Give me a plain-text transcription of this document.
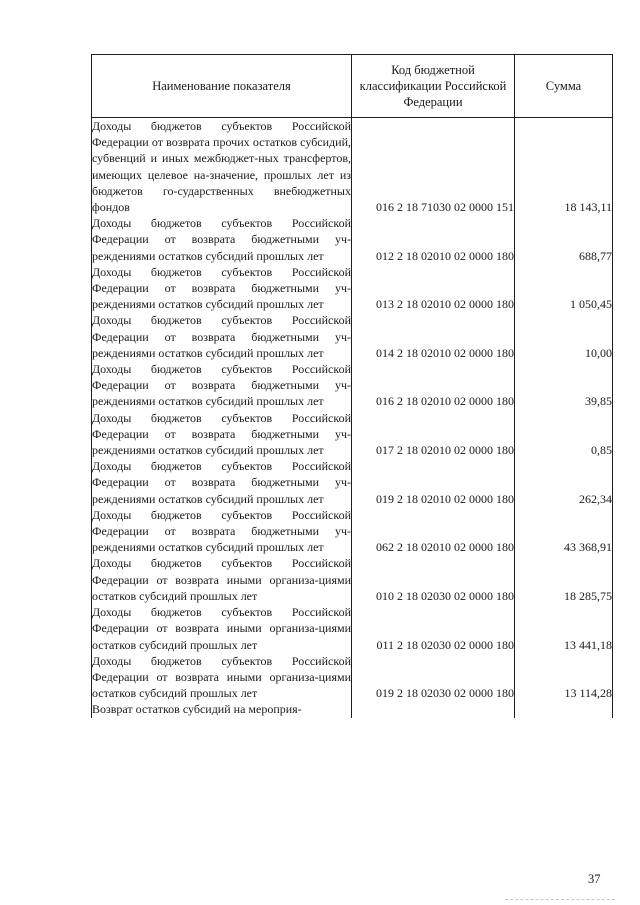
Наименование показателя	Код бюджетной классификации Российской Федерации	Сумма
Доходы бюджетов субъектов Российской Федерации от возврата прочих остатков субсидий, субвенций и иных межбюджет-ных трансфертов, имеющих целевое на-значение, прошлых лет из бюджетов го-сударственных внебюджетных фондов	016 2 18 71030 02 0000 151	18 143,11
Доходы бюджетов субъектов Российской Федерации от возврата бюджетными уч-реждениями остатков субсидий прошлых лет	012 2 18 02010 02 0000 180	688,77
Доходы бюджетов субъектов Российской Федерации от возврата бюджетными уч-реждениями остатков субсидий прошлых лет	013 2 18 02010 02 0000 180	1 050,45
Доходы бюджетов субъектов Российской Федерации от возврата бюджетными уч-реждениями остатков субсидий прошлых лет	014 2 18 02010 02 0000 180	10,00
Доходы бюджетов субъектов Российской Федерации от возврата бюджетными уч-реждениями остатков субсидий прошлых лет	016 2 18 02010 02 0000 180	39,85
Доходы бюджетов субъектов Российской Федерации от возврата бюджетными уч-реждениями остатков субсидий прошлых лет	017 2 18 02010 02 0000 180	0,85
Доходы бюджетов субъектов Российской Федерации от возврата бюджетными уч-реждениями остатков субсидий прошлых лет	019 2 18 02010 02 0000 180	262,34
Доходы бюджетов субъектов Российской Федерации от возврата бюджетными уч-реждениями остатков субсидий прошлых лет	062 2 18 02010 02 0000 180	43 368,91
Доходы бюджетов субъектов Российской Федерации от возврата иными организа-циями остатков субсидий прошлых лет	010 2 18 02030 02 0000 180	18 285,75
Доходы бюджетов субъектов Российской Федерации от возврата иными организа-циями остатков субсидий прошлых лет	011 2 18 02030 02 0000 180	13 441,18
Доходы бюджетов субъектов Российской Федерации от возврата иными организа-циями остатков субсидий прошлых лет	019 2 18 02030 02 0000 180	13 114,28
Возврат остатков субсидий на мероприя-		
37
